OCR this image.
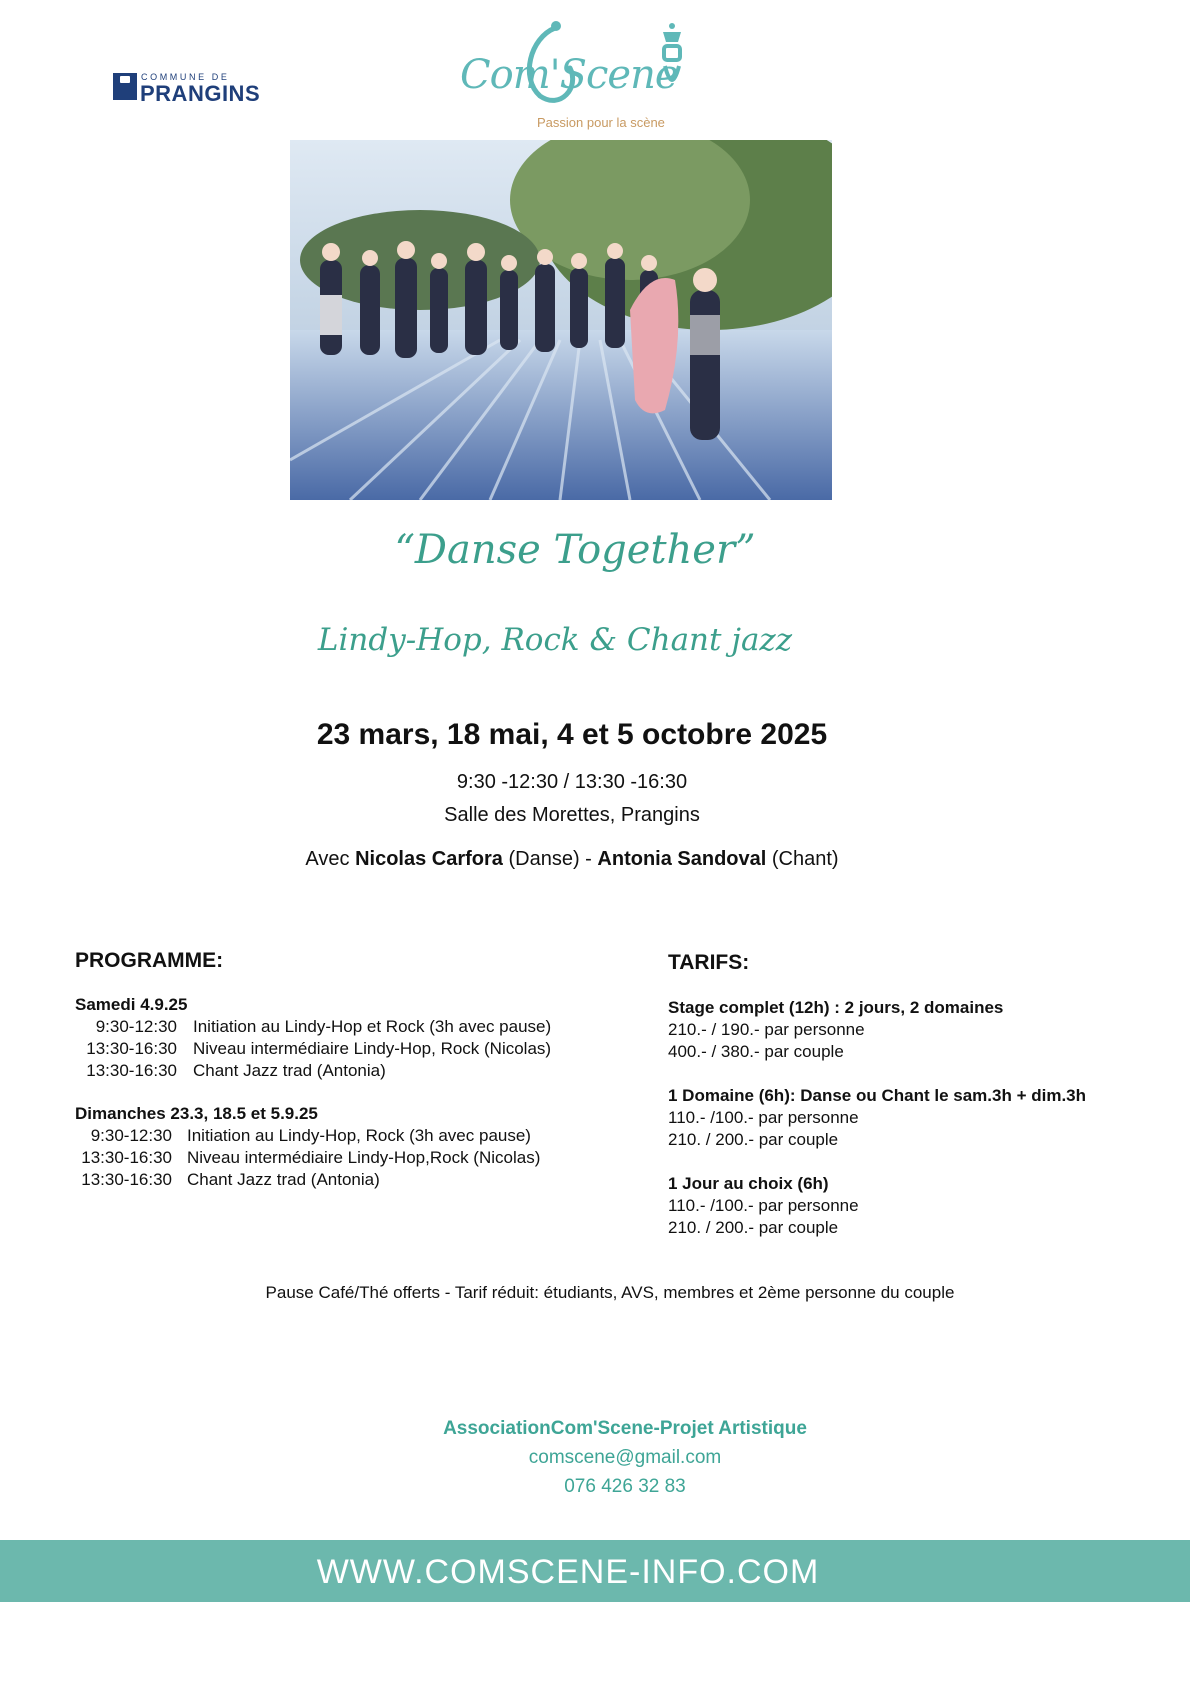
COMMUNE DE
PRANGINS	Com'Scene
Passion pour la scène
“Danse Together”
Lindy-Hop, Rock & Chant jazz
23 mars, 18 mai, 4 et 5 octobre 2025
9:30 -12:30 / 13:30 -16:30
Salle des Morettes, Prangins
Avec Nicolas Carfora (Danse) - Antonia Sandoval (Chant)
PROGRAMME:
Samedi 4.9.25
9:30-12:30 Initiation au Lindy-Hop et Rock (3h avec pause)
13:30-16:30 Niveau intermédiaire Lindy-Hop, Rock (Nicolas)
13:30-16:30 Chant Jazz trad (Antonia)
Dimanches 23.3, 18.5 et 5.9.25
9:30-12:30 Initiation au Lindy-Hop, Rock (3h avec pause)
13:30-16:30 Niveau intermédiaire Lindy-Hop,Rock (Nicolas)
13:30-16:30 Chant Jazz trad (Antonia)
TARIFS:
Stage complet (12h) : 2 jours, 2 domaines
210.- / 190.- par personne
400.- / 380.- par couple
1 Domaine (6h): Danse ou Chant le sam.3h + dim.3h
110.- /100.- par personne
210. / 200.- par couple
1 Jour au choix (6h)
110.- /100.- par personne
210. / 200.- par couple
Pause Café/Thé offerts - Tarif réduit: étudiants, AVS, membres et 2ème personne du couple
AssociationCom'Scene-Projet Artistique
comscene@gmail.com
076 426 32 83
WWW.COMSCENE-INFO.COM
